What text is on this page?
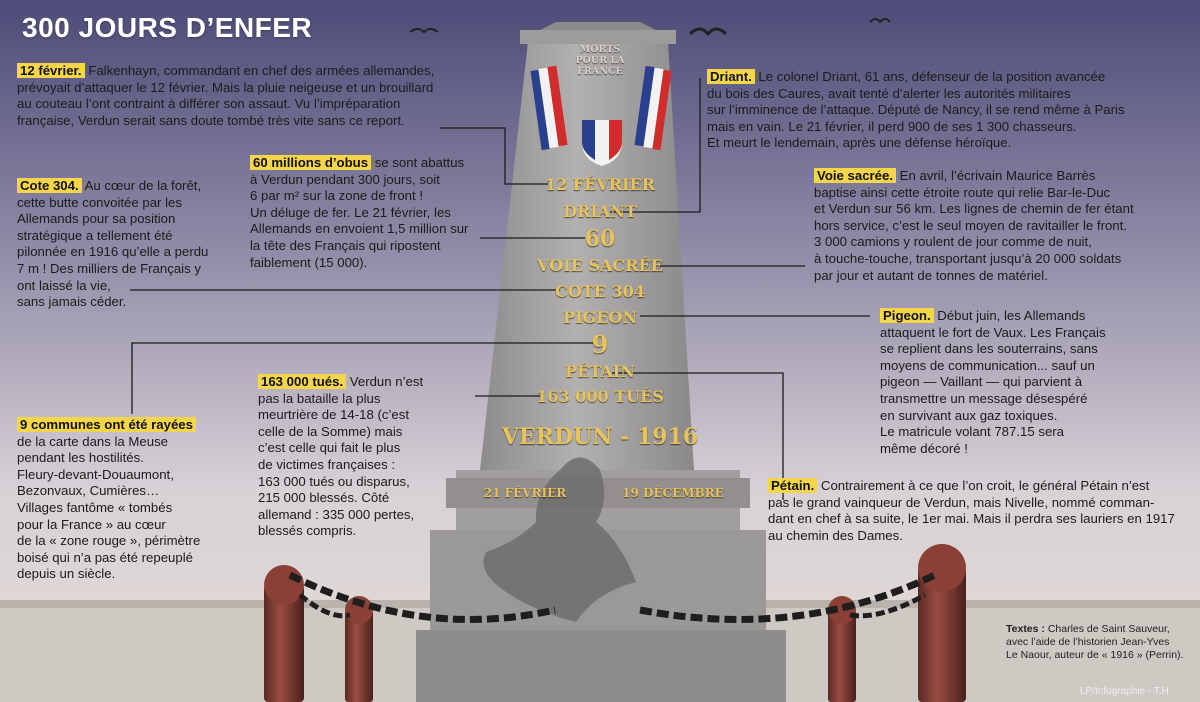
300 JOURS D’ENFER
MORTS POUR LA FRANCE
12 FÉVRIER
DRIANT
60
VOIE SACRÉE
COTE 304
PIGEON
9
PÉTAIN
163 000 TUÉS
VERDUN - 1916
21 FÉVRIER	19 DÉCEMBRE
12 février. Falkenhayn, commandant en chef des armées allemandes,
prévoyait d’attaquer le 12 février. Mais la pluie neigeuse et un brouillard
au couteau l’ont contraint à différer son assaut. Vu l’impréparation
française, Verdun serait sans doute tombé très vite sans ce report.
Cote 304. Au cœur de la forêt,
cette butte convoitée par les
Allemands pour sa position
stratégique a tellement été
pilonnée en 1916 qu’elle a perdu
7 m ! Des milliers de Français y
ont laissé la vie,
sans jamais céder.
60 millions d’obus se sont abattus
à Verdun pendant 300 jours, soit
6 par m² sur la zone de front !
Un déluge de fer. Le 21 février, les
Allemands en envoient 1,5 million sur
la tête des Français qui ripostent
faiblement (15 000).
9 communes ont été rayées
de la carte dans la Meuse
pendant les hostilités.
Fleury-devant-Douaumont,
Bezonvaux, Cumières…
Villages fantôme « tombés
pour la France » au cœur
de la « zone rouge », périmètre
boisé qui n’a pas été repeuplé
depuis un siècle.
163 000 tués. Verdun n’est
pas la bataille la plus
meurtrière de 14-18 (c’est
celle de la Somme) mais
c’est celle qui fait le plus
de victimes françaises :
163 000 tués ou disparus,
215 000 blessés. Côté
allemand : 335 000 pertes,
blessés compris.
Driant. Le colonel Driant, 61 ans, défenseur de la position avancée
du bois des Caures, avait tenté d’alerter les autorités militaires
sur l’imminence de l’attaque. Député de Nancy, il se rend même à Paris
mais en vain. Le 21 février, il perd 900 de ses 1 300 chasseurs.
Et meurt le lendemain, après une défense héroïque.
Voie sacrée. En avril, l’écrivain Maurice Barrès
baptise ainsi cette étroite route qui relie Bar-le-Duc
et Verdun sur 56 km. Les lignes de chemin de fer étant
hors service, c’est le seul moyen de ravitailler le front.
3 000 camions y roulent de jour comme de nuit,
à touche-touche, transportant jusqu’à 20 000 soldats
par jour et autant de tonnes de matériel.
Pigeon. Début juin, les Allemands
attaquent le fort de Vaux. Les Français
se replient dans les souterrains, sans
moyens de communication... sauf un
pigeon — Vaillant — qui parvient à
transmettre un message désespéré
en survivant aux gaz toxiques.
Le matricule volant 787.15 sera
même décoré !
Pétain. Contrairement à ce que l’on croit, le général Pétain n’est
pas le grand vainqueur de Verdun, mais Nivelle, nommé comman-
dant en chef à sa suite, le 1er mai. Mais il perdra ses lauriers en 1917
au chemin des Dames.
Textes : Charles de Saint Sauveur,
avec l’aide de l’historien Jean-Yves
Le Naour, auteur de « 1916 » (Perrin).
LP/Infographie - T.H.
